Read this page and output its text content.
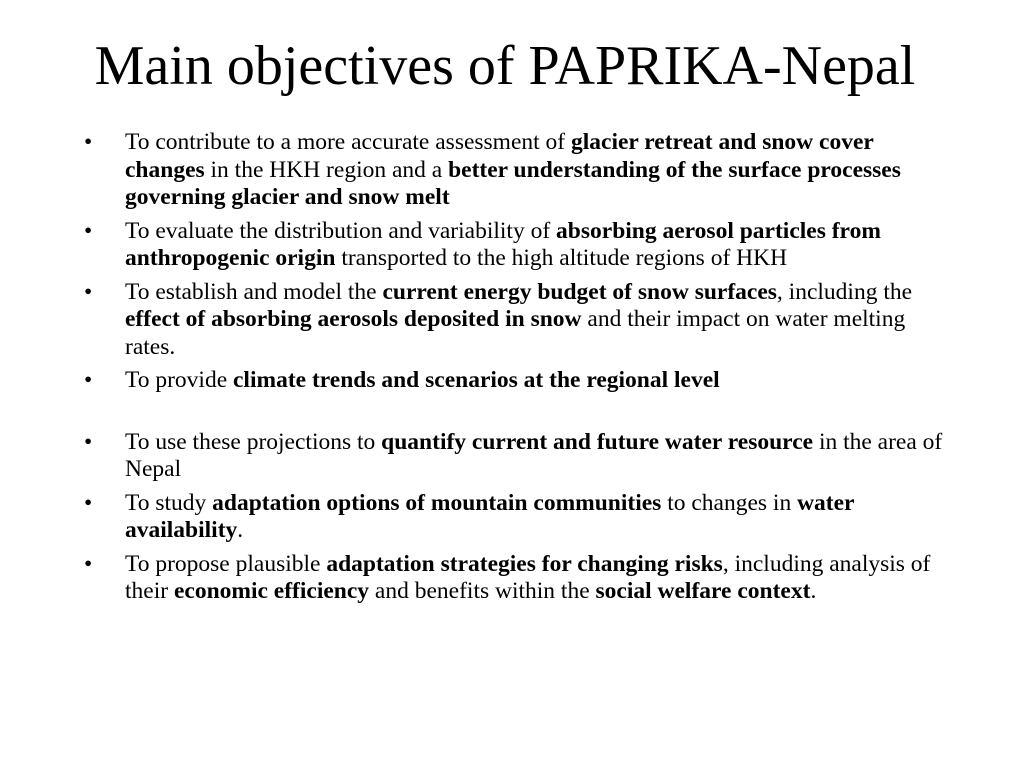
Main objectives of PAPRIKA-Nepal
•	To contribute to a more accurate assessment of glacier retreat and snow cover changes in the HKH region and a better understanding of the surface processes governing glacier and snow melt
•	To evaluate the distribution and variability of absorbing aerosol particles from anthropogenic origin transported to the high altitude regions of HKH
•	To establish and model the current energy budget of snow surfaces, including the effect of absorbing aerosols deposited in snow and their impact on water melting rates.
•	To provide climate trends and scenarios at the regional level
•	To use these projections to quantify current and future water resource in the area of Nepal
•	To study adaptation options of mountain communities to changes in water availability.
•	To propose plausible adaptation strategies for changing risks, including analysis of their economic efficiency and benefits within the social welfare context.
